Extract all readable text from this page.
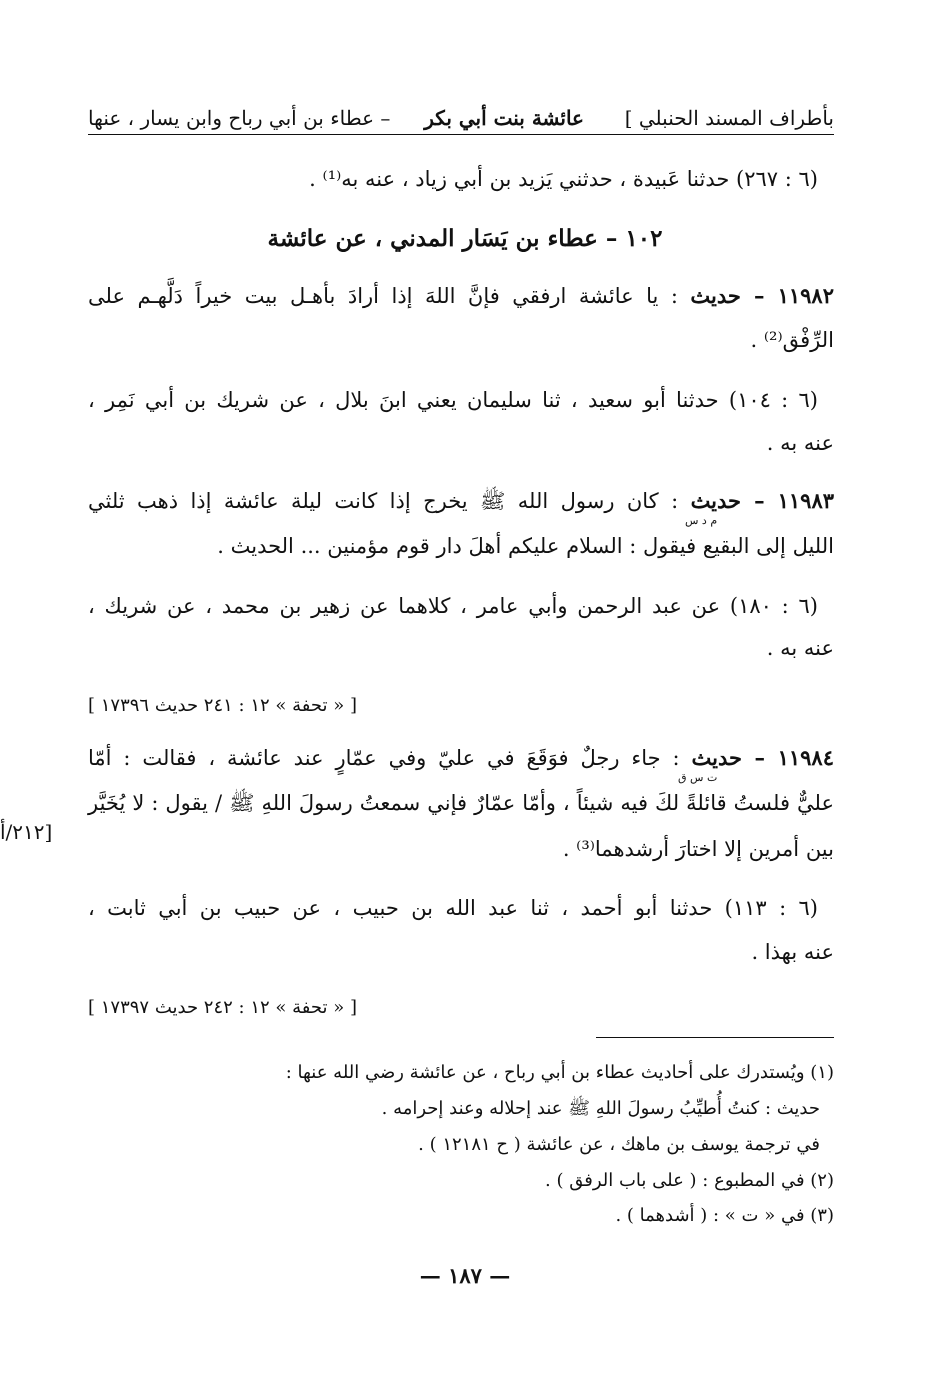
بأطراف المسند الحنبلي ]
عائشة بنت أبي بكر
– عطاء بن أبي رباح وابن يسار ، عنها
(٦ : ٢٦٧) حدثنا عَبيدة ، حدثني يَزيد بن أبي زياد ، عنه به⁽¹⁾ .
١٠٢ – عطاء بن يَسَار المدني ، عن عائشة
١١٩٨٢ – حديث : يا عائشة ارفقي فإنَّ اللهَ إذا أرادَ بأهـل بيت خيراً دَلَّهـم على
الرِّفْق⁽²⁾ .
(٦ : ١٠٤) حدثنا أبو سعيد ، ثنا سليمان يعني ابنَ بلال ، عن شريك بن أبي نَمِر ،
عنه به .
١١٩٨٣ – حديث : كان رسول الله ﷺ يخرج إذا كانت ليلة عائشة إذا ذهب ثلثي
م د س
الليل إلى البقيع فيقول : السلام عليكم أهلَ دار قوم مؤمنين ... الحديث .
(٦ : ١٨٠) عن عبد الرحمن وأبي عامر ، كلاهما عن زهير بن محمد ، عن شريك ،
عنه به .
[ « تحفة » ١٢ : ٢٤١ حديث ١٧٣٩٦ ]
١١٩٨٤ – حديث : جاء رجلٌ فوَقَعَ في عليّ وفي عمّارٍ عند عائشة ، فقالت : أمّا
ت س ق
عليٌّ فلستُ قائلةً لكَ فيه شيئاً ، وأمّا عمّارٌ فإني سمعتُ رسولَ اللهِ ﷺ / يقول : لا يُخَيَّر
[٢١٢/أ
بين أمرين إلا اختارَ أرشدهما⁽³⁾ .
(٦ : ١١٣) حدثنا أبو أحمد ، ثنا عبد الله بن حبيب ، عن حبيب بن أبي ثابت ،
عنه بهذا .
[ « تحفة » ١٢ : ٢٤٢ حديث ١٧٣٩٧ ]
(١) ويُستدرك على أحاديث عطاء بن أبي رباح ، عن عائشة رضي الله عنها :
حديث : كنتُ أُطيِّبُ رسولَ اللهِ ﷺ عند إحلاله وعند إحرامه .
في ترجمة يوسف بن ماهك ، عن عائشة ( ح ١٢١٨١ ) .
(٢) في المطبوع : ( على باب الرفق ) .
(٣) في « ت » : ( أشدهما ) .
— ١٨٧ —
